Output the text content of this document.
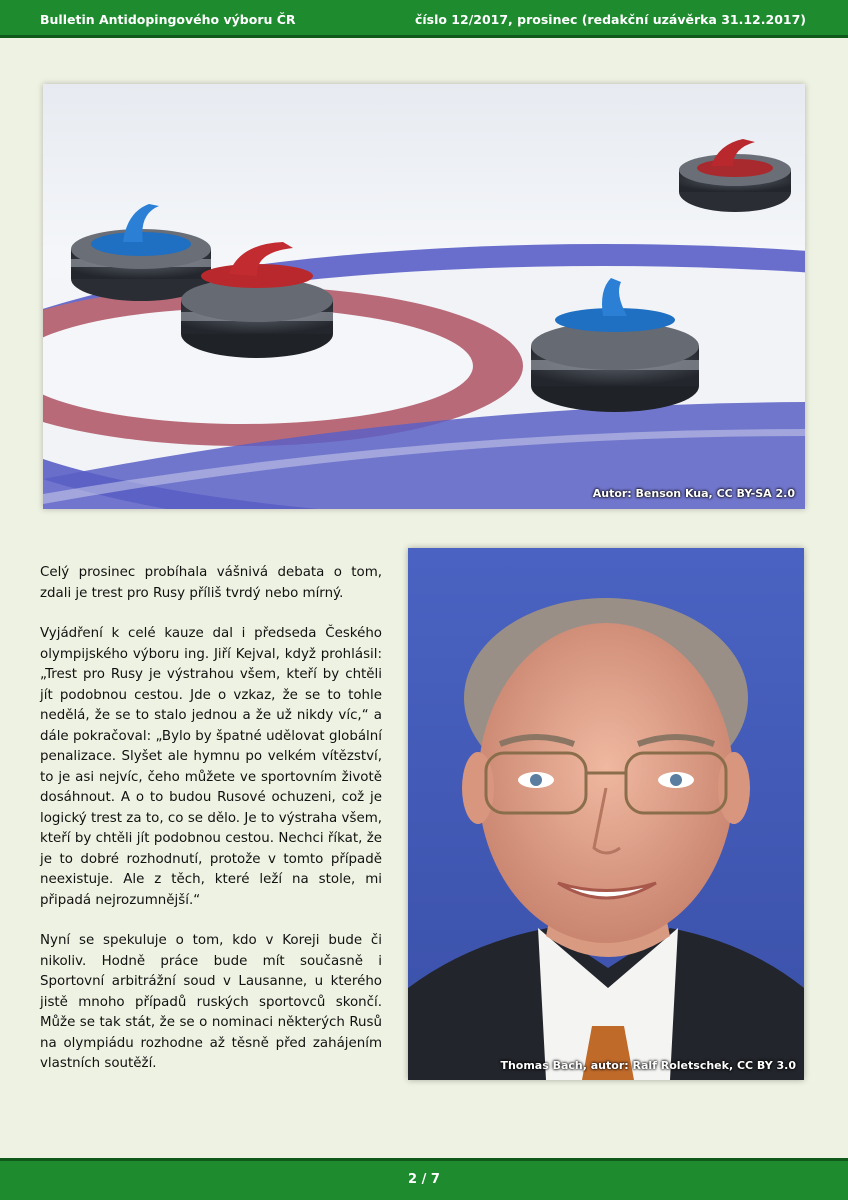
Bulletin Antidopingového výboru ČR	číslo 12/2017, prosinec (redakční uzávěrka 31.12.2017)
Autor: Benson Kua, CC BY-SA 2.0

Celý prosinec probíhala vášnivá debata o tom, zdali je trest pro Rusy příliš tvrdý nebo mírný.

Vyjádření k celé kauze dal i předseda Českého olympijského výboru ing. Jiří Kejval, když prohlásil: „Trest pro Rusy je výstrahou všem, kteří by chtěli jít podobnou cestou. Jde o vzkaz, že se to tohle nedělá, že se to stalo jednou a že už nikdy víc,“ a dále pokračoval: „Bylo by špatné udělovat globální penalizace. Slyšet ale hymnu po velkém vítězství, to je asi nejvíc, čeho můžete ve sportovním životě dosáhnout. A o to budou Rusové ochuzeni, což je logický trest za to, co se dělo. Je to výstraha všem, kteří by chtěli jít podobnou cestou. Nechci říkat, že je to dobré rozhodnutí, protože v tomto případě neexistuje. Ale z těch, které leží na stole, mi připadá nejrozumnější.“

Nyní se spekuluje o tom, kdo v Koreji bude či nikoliv. Hodně práce bude mít současně i Sportovní arbitrážní soud v Lausanne, u kterého jistě mnoho případů ruských sportovců skončí. Může se tak stát, že se o nominaci některých Rusů na olympiádu rozhodne až těsně před zahájením vlastních soutěží.	Thomas Bach, autor: Ralf Roletschek, CC BY 3.0
2 / 7
